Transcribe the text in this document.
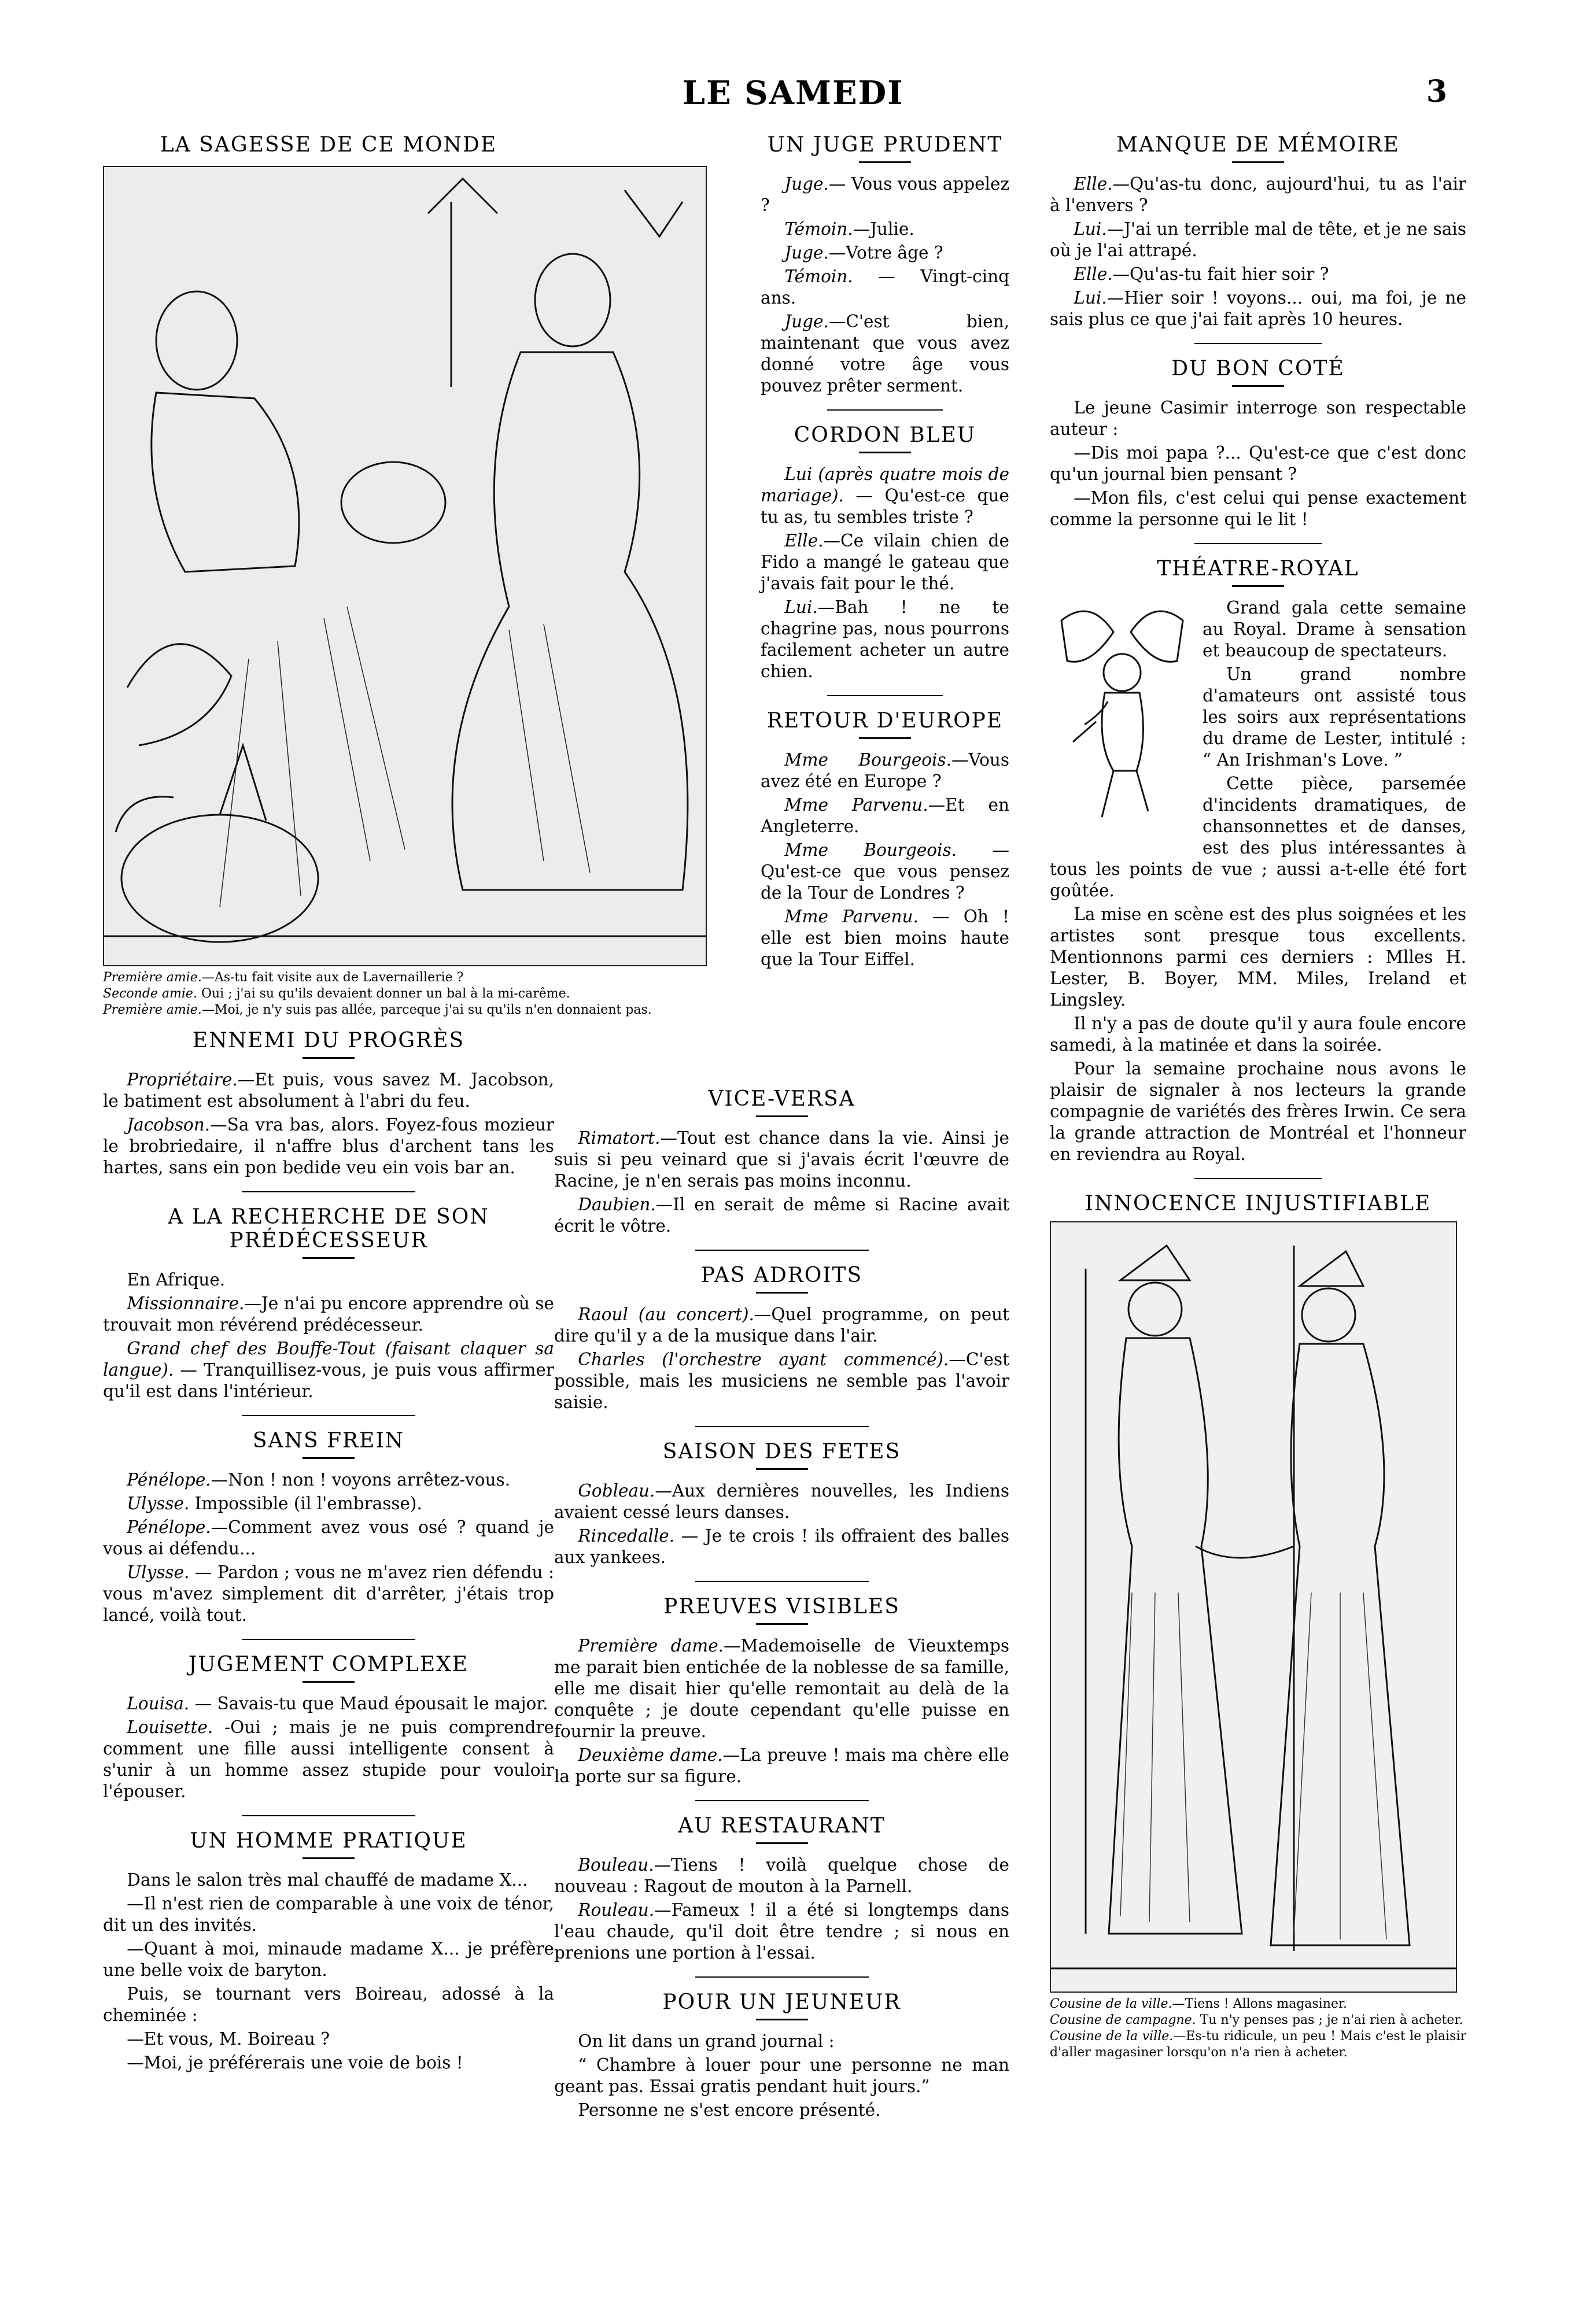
LE SAMEDI	3
LA SAGESSE DE CE MONDE
Première amie.—As-tu fait visite aux de Lavernaillerie ?
Seconde amie. Oui ; j'ai su qu'ils devaient donner un bal à la mi-carême.
Première amie.—Moi, je n'y suis pas allée, parceque j'ai su qu'ils n'en donnaient pas.
ENNEMI DU PROGRÈS

Propriétaire.—Et puis, vous savez M. Jacobson, le batiment est absolument à l'abri du feu.

Jacobson.—Sa vra bas, alors. Foyez-fous mozieur le brobriedaire, il n'affre blus d'archent tans les hartes, sans ein pon bedide veu ein vois bar an.

A LA RECHERCHE DE SON PRÉDÉCESSEUR

En Afrique.

Missionnaire.—Je n'ai pu encore apprendre où se trouvait mon révérend prédécesseur.

Grand chef des Bouffe-Tout (faisant claquer sa langue). — Tranquillisez-vous, je puis vous affirmer qu'il est dans l'intérieur.

SANS FREIN

Pénélope.—Non ! non ! voyons arrêtez-vous.

Ulysse. Impossible (il l'embrasse).

Pénélope.—Comment avez vous osé ? quand je vous ai défendu...

Ulysse. — Pardon ; vous ne m'avez rien défendu : vous m'avez simplement dit d'arrêter, j'étais trop lancé, voilà tout.

JUGEMENT COMPLEXE

Louisa. — Savais-tu que Maud épousait le major.

Louisette. -Oui ; mais je ne puis comprendre comment une fille aussi intelligente consent à s'unir à un homme assez stupide pour vouloir l'épouser.

UN HOMME PRATIQUE

Dans le salon très mal chauffé de madame X...

—Il n'est rien de comparable à une voix de ténor, dit un des invités.

—Quant à moi, minaude madame X... je préfère une belle voix de baryton.

Puis, se tournant vers Boireau, adossé à la cheminée :

—Et vous, M. Boireau ?

—Moi, je préférerais une voie de bois !

UN JUGE PRUDENT

Juge.— Vous vous appelez ?

Témoin.—Julie.

Juge.—Votre âge ?

Témoin. — Vingt-cinq ans.

Juge.—C'est bien, maintenant que vous avez donné votre âge vous pouvez prêter serment.

CORDON BLEU

Lui (après quatre mois de mariage). — Qu'est-ce que tu as, tu sembles triste ?

Elle.—Ce vilain chien de Fido a mangé le gateau que j'avais fait pour le thé.

Lui.—Bah ! ne te chagrine pas, nous pourrons facilement acheter un autre chien.

RETOUR D'EUROPE

Mme Bourgeois.—Vous avez été en Europe ?

Mme Parvenu.—Et en Angleterre.

Mme Bourgeois. — Qu'est-ce que vous pensez de la Tour de Londres ?

Mme Parvenu. — Oh ! elle est bien moins haute que la Tour Eiffel.

VICE-VERSA

Rimatort.—Tout est chance dans la vie. Ainsi je suis si peu veinard que si j'avais écrit l'œuvre de Racine, je n'en serais pas moins inconnu.

Daubien.—Il en serait de même si Racine avait écrit le vôtre.

PAS ADROITS

Raoul (au concert).—Quel programme, on peut dire qu'il y a de la musique dans l'air.

Charles (l'orchestre ayant commencé).—C'est possible, mais les musiciens ne semble pas l'avoir saisie.

SAISON DES FETES

Gobleau.—Aux dernières nouvelles, les Indiens avaient cessé leurs danses.

Rincedalle. — Je te crois ! ils offraient des balles aux yankees.

PREUVES VISIBLES

Première dame.—Mademoiselle de Vieuxtemps me parait bien entichée de la noblesse de sa famille, elle me disait hier qu'elle remontait au delà de la conquête ; je doute cependant qu'elle puisse en fournir la preuve.

Deuxième dame.—La preuve ! mais ma chère elle la porte sur sa figure.

AU RESTAURANT

Bouleau.—Tiens ! voilà quelque chose de nouveau : Ragout de mouton à la Parnell.

Rouleau.—Fameux ! il a été si longtemps dans l'eau chaude, qu'il doit être tendre ; si nous en prenions une portion à l'essai.

POUR UN JEUNEUR

On lit dans un grand journal :

“ Chambre à louer pour une personne ne man geant pas. Essai gratis pendant huit jours.”

Personne ne s'est encore présenté.

MANQUE DE MÉMOIRE

Elle.—Qu'as-tu donc, aujourd'hui, tu as l'air à l'envers ?

Lui.—J'ai un terrible mal de tête, et je ne sais où je l'ai attrapé.

Elle.—Qu'as-tu fait hier soir ?

Lui.—Hier soir ! voyons... oui, ma foi, je ne sais plus ce que j'ai fait après 10 heures.

DU BON COTÉ

Le jeune Casimir interroge son respectable auteur :

—Dis moi papa ?... Qu'est-ce que c'est donc qu'un journal bien pensant ?

—Mon fils, c'est celui qui pense exactement comme la personne qui le lit !

THÉATRE-ROYAL

Grand gala cette semaine au Royal. Drame à sensation et beaucoup de spectateurs.

Un grand nombre d'amateurs ont assisté tous les soirs aux représentations du drame de Lester, intitulé : “ An Irishman's Love. ”

Cette pièce, parsemée d'incidents dramatiques, de chansonnettes et de danses, est des plus intéressantes à tous les points de vue ; aussi a-t-elle été fort goûtée.

La mise en scène est des plus soignées et les artistes sont presque tous excellents. Mentionnons parmi ces derniers : Mlles H. Lester, B. Boyer, MM. Miles, Ireland et Lingsley.

Il n'y a pas de doute qu'il y aura foule encore samedi, à la matinée et dans la soirée.

Pour la semaine prochaine nous avons le plaisir de signaler à nos lecteurs la grande compagnie de variétés des frères Irwin. Ce sera la grande attraction de Montréal et l'honneur en reviendra au Royal.

INNOCENCE INJUSTIFIABLE
Cousine de la ville.—Tiens ! Allons magasiner.
Cousine de campagne. Tu n'y penses pas ; je n'ai rien à acheter.
Cousine de la ville.—Es-tu ridicule, un peu ! Mais c'est le plaisir d'aller magasiner lorsqu'on n'a rien à acheter.
